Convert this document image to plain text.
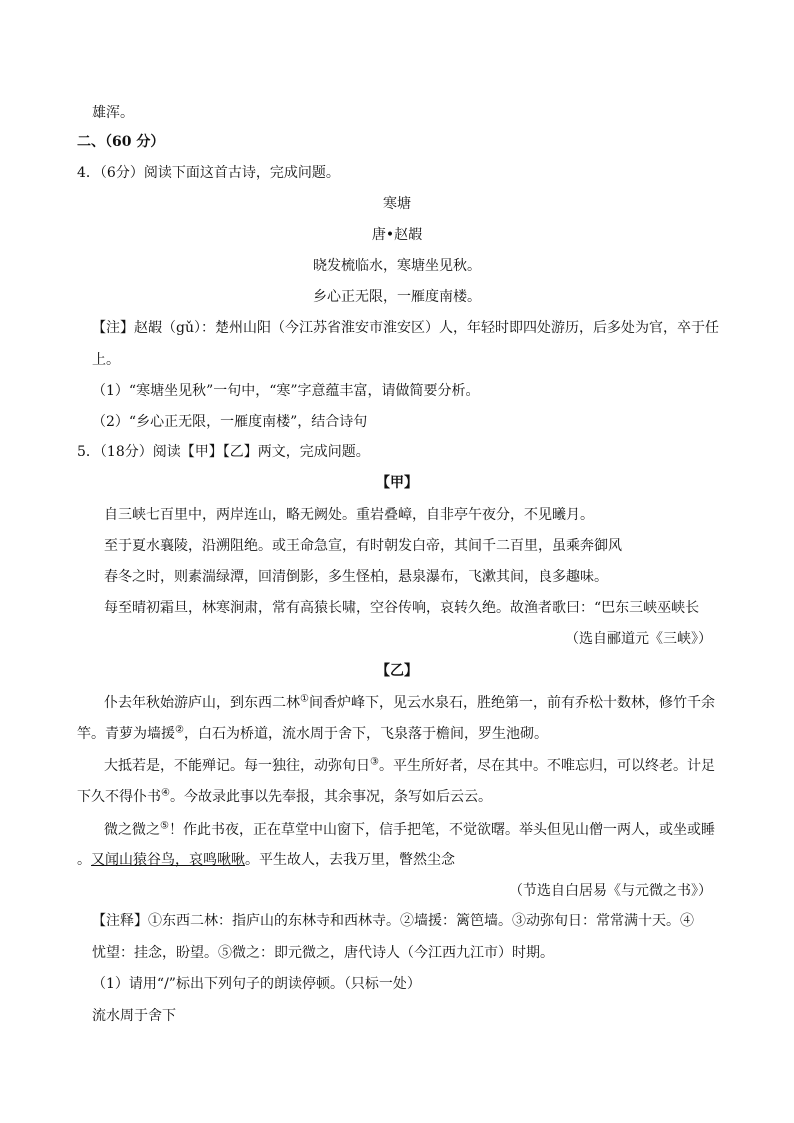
雄浑。
二、（60 分）
4．（6分）阅读下面这首古诗，完成问题。
寒塘
唐•赵嘏
晓发梳临水，寒塘坐见秋。
乡心正无限，一雁度南楼。
【注】赵嘏（gǔ）：楚州山阳（今江苏省淮安市淮安区）人，年轻时即四处游历，后多处为官，卒于任
上。
（1）“寒塘坐见秋”一句中，“寒”字意蕴丰富，请做简要分析。
（2）“乡心正无限，一雁度南楼”，结合诗句
5．（18分）阅读【甲】【乙】两文，完成问题。
【甲】
自三峡七百里中，两岸连山，略无阙处。重岩叠嶂，自非亭午夜分，不见曦月。
至于夏水襄陵，沿溯阻绝。或王命急宣，有时朝发白帝，其间千二百里，虽乘奔御风
春冬之时，则素湍绿潭，回清倒影，多生怪柏，悬泉瀑布，飞漱其间，良多趣味。
每至晴初霜旦，林寒涧肃，常有高猿长啸，空谷传响，哀转久绝。故渔者歌曰：“巴东三峡巫峡长
（选自郦道元《三峡》）
【乙】
仆去年秋始游庐山，到东西二林①间香炉峰下，见云水泉石，胜绝第一，前有乔松十数林，修竹千余
竿。青萝为墙援②，白石为桥道，流水周于舍下，飞泉落于檐间，罗生池砌。
大抵若是，不能殚记。每一独往，动弥旬日③。平生所好者，尽在其中。不唯忘归，可以终老。计足
下久不得仆书④。今故录此事以先奉报，其余事况，条写如后云云。
微之微之⑤！作此书夜，正在草堂中山窗下，信手把笔，不觉欲曙。举头但见山僧一两人，或坐或睡
。又闻山猿谷鸟，哀鸣啾啾。平生故人，去我万里，瞥然尘念
（节选自白居易《与元微之书》）
【注释】①东西二林：指庐山的东林寺和西林寺。②墙援：篱笆墙。③动弥旬日：常常满十天。④
忧望：挂念，盼望。⑤微之：即元微之，唐代诗人（今江西九江市）时期。
（1）请用“/”标出下列句子的朗读停顿。（只标一处）
流水周于舍下
